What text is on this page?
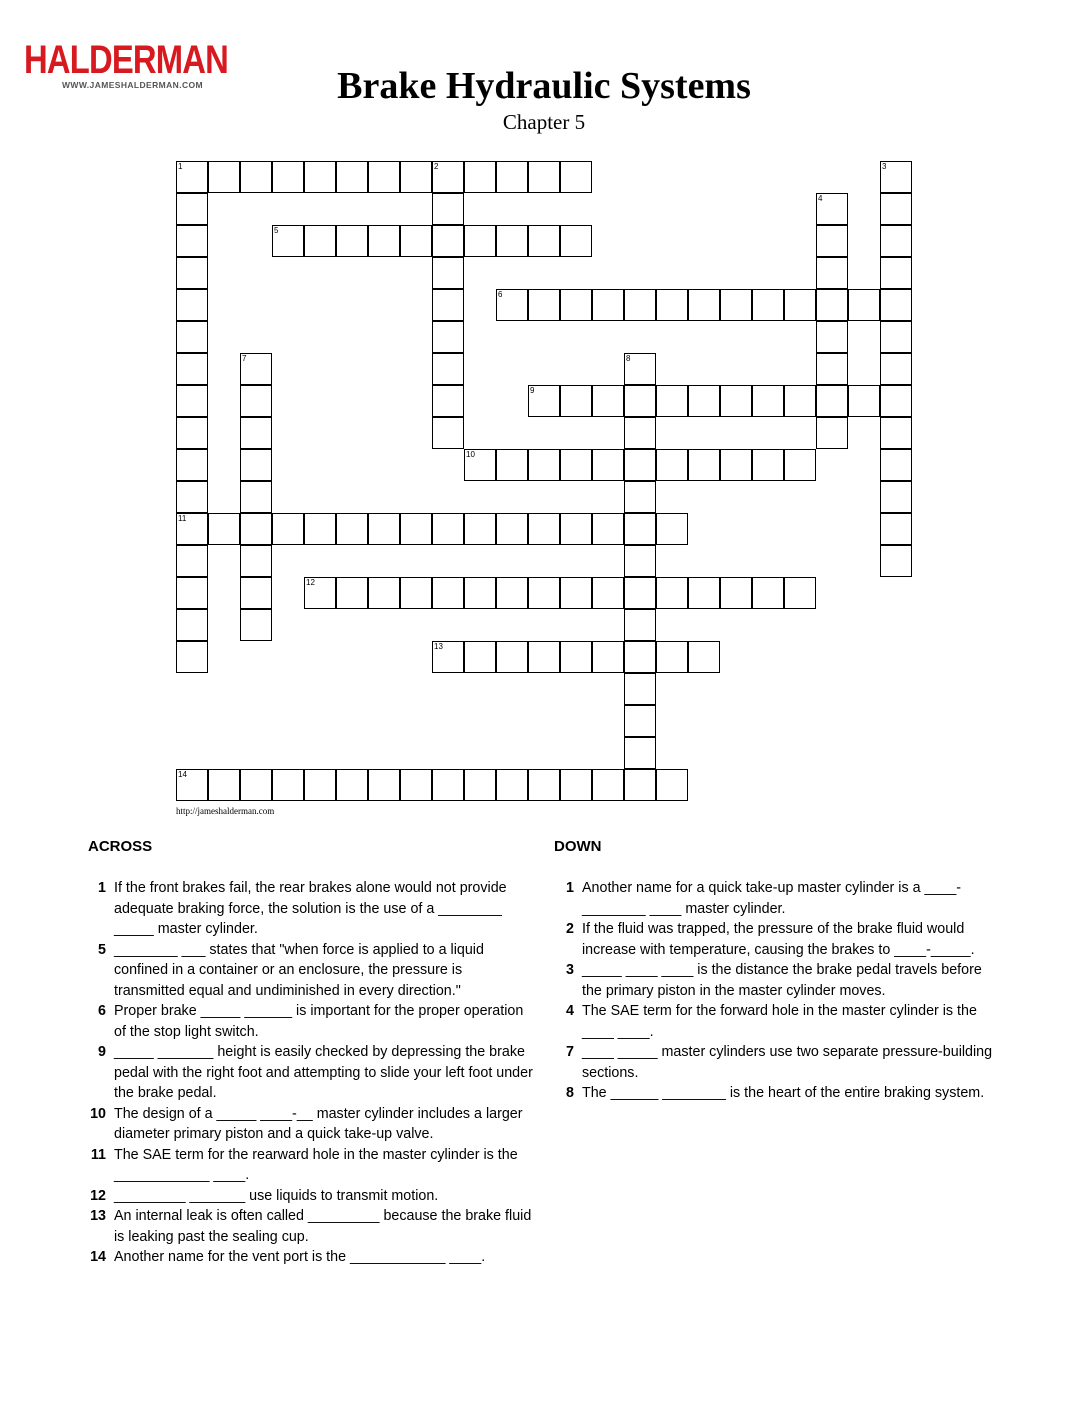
HALDERMAN
WWW.JAMESHALDERMAN.COM	Brake Hydraulic Systems
Chapter 5
1	2
11
3
4
5
6
7	8
9
10
12
13
14
http://jameshalderman.com
ACROSS	DOWN
1 If the front brakes fail, the rear brakes alone would not provide adequate braking force, the solution is the use of a ________ _____ master cylinder.
5 ________ ___ states that "when force is applied to a liquid confined in a container or an enclosure, the pressure is transmitted equal and undiminished in every direction."
6 Proper brake _____ ______ is important for the proper operation of the stop light switch.
9 _____ _______ height is easily checked by depressing the brake pedal with the right foot and attempting to slide your left foot under the brake pedal.
10 The design of a _____ ____-__ master cylinder includes a larger diameter primary piston and a quick take-up valve.
11 The SAE term for the rearward hole in the master cylinder is the ____________ ____.
12 _________ _______ use liquids to transmit motion.
13 An internal leak is often called _________ because the brake fluid is leaking past the sealing cup.
14 Another name for the vent port is the ____________ ____.
1 Another name for a quick take-up master cylinder is a ____-________ ____ master cylinder.
2 If the fluid was trapped, the pressure of the brake fluid would increase with temperature, causing the brakes to ____-_____.
3 _____ ____ ____ is the distance the brake pedal travels before the primary piston in the master cylinder moves.
4 The SAE term for the forward hole in the master cylinder is the ____ ____.
7 ____ _____ master cylinders use two separate pressure-building sections.
8 The ______ ________ is the heart of the entire braking system.
